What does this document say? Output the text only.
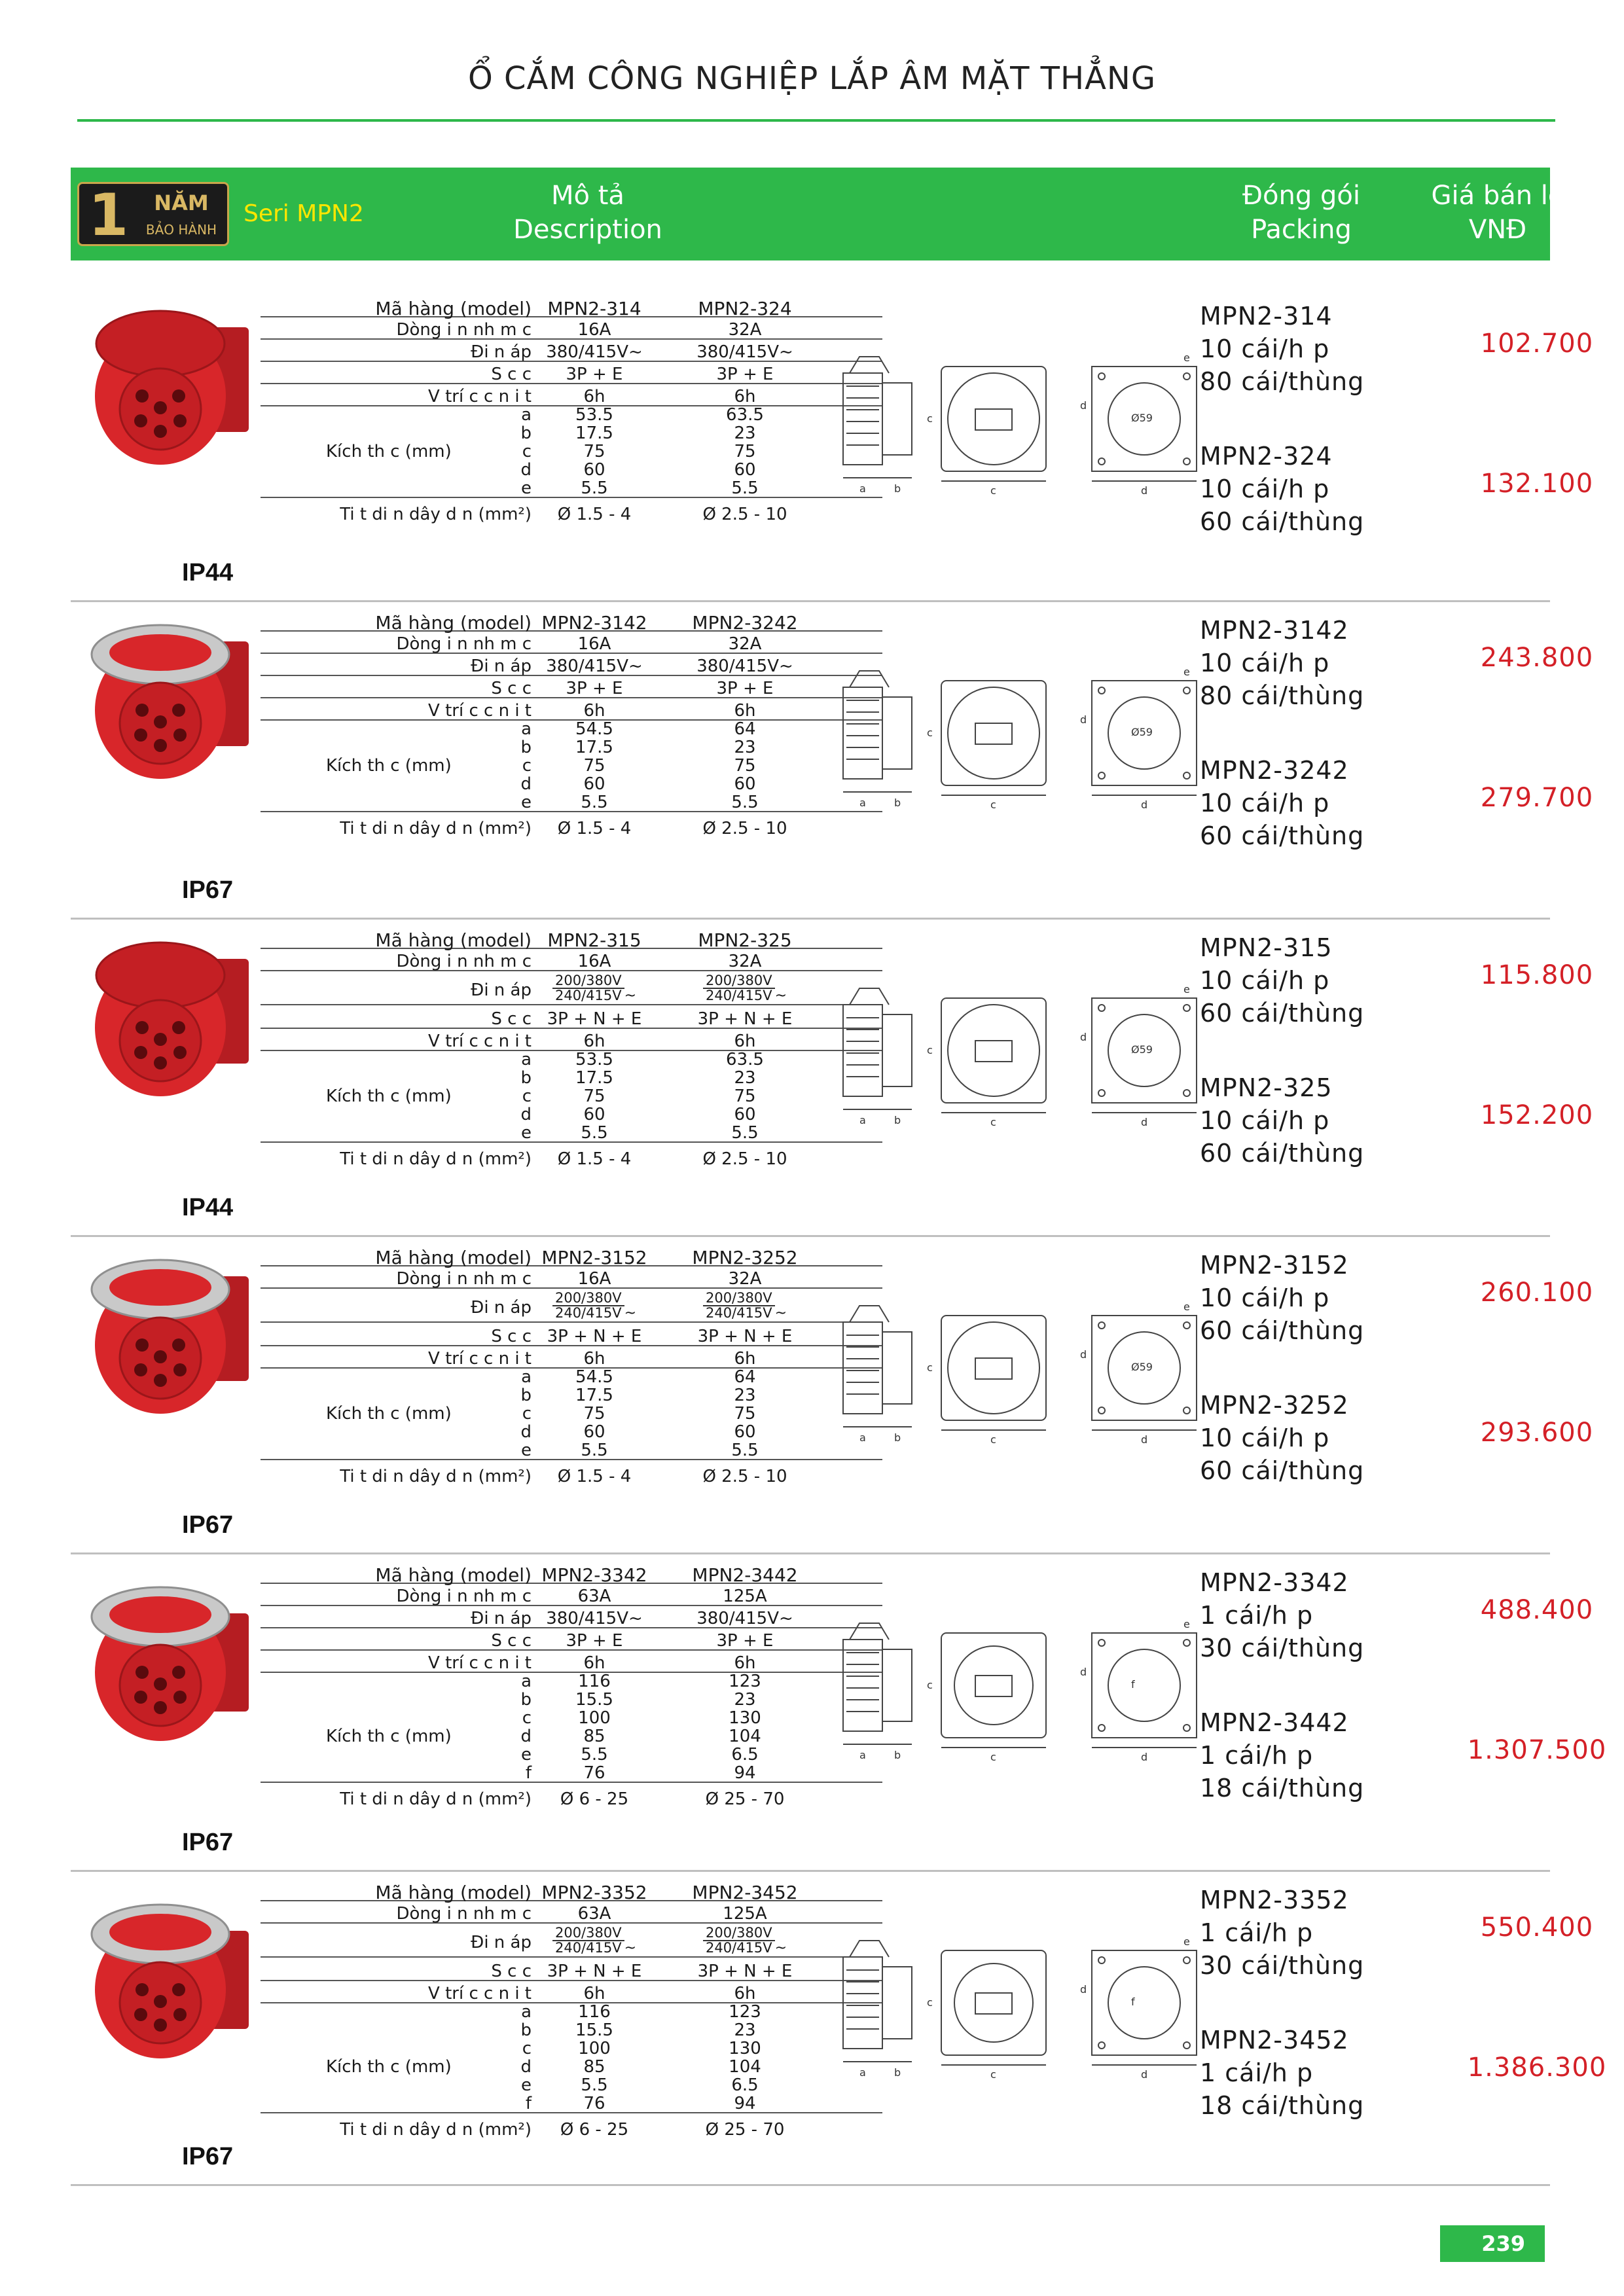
Ổ CẮM CÔNG NGHIỆP LẮP ÂM MẶT THẲNG
1	NĂM
BẢO HÀNH
Seri MPN2
Mô tả
Description
Đóng gói
Packing
Giá bán lẻ
VNĐ
IP44
Mã hàng (model) MPN2-314	MPN2-324
Dòng i n nh m c	16A	32A
Đi n áp 380/415V~	380/415V~
S c c	3P + E	3P + E
V trí c c n i t	6h	6h
a	53.5	63.5
b	17.5	23
c	75	75
d	60	60
e	5.5	5.5
Kích th c (mm)
Ti t di n dây d n (mm²)	Ø 1.5 - 4	Ø 2.5 - 10
a	b
c
c
d
d
e
Ø59
MPN2-314
10 cái/h p
80 cái/thùng
102.700
MPN2-324
10 cái/h p
60 cái/thùng
132.100
IP67
Mã hàng (model) MPN2-3142	MPN2-3242
Dòng i n nh m c	16A	32A
Đi n áp 380/415V~	380/415V~
S c c	3P + E	3P + E
V trí c c n i t	6h	6h
a	54.5	64
b	17.5	23
c	75	75
d	60	60
e	5.5	5.5
Kích th c (mm)
Ti t di n dây d n (mm²)	Ø 1.5 - 4	Ø 2.5 - 10
a	b
c
c
d
d
e
Ø59
MPN2-3142
10 cái/h p
80 cái/thùng
243.800
MPN2-3242
10 cái/h p
60 cái/thùng
279.700
IP44
Mã hàng (model) MPN2-315	MPN2-325
Dòng i n nh m c	16A	32A
Đi n áp $\frac{200/380V}{240/415V}$ ~	$\frac{200/380V}{240/415V}$ ~
S c c 3P + N + E	3P + N + E
V trí c c n i t	6h	6h
a	53.5	63.5
b	17.5	23
c	75	75
d	60	60
e	5.5	5.5
Kích th c (mm)
Ti t di n dây d n (mm²)	Ø 1.5 - 4	Ø 2.5 - 10
a	b
c
c
d
d
e
Ø59
MPN2-315
10 cái/h p
60 cái/thùng
115.800
MPN2-325
10 cái/h p
60 cái/thùng
152.200
IP67
Mã hàng (model) MPN2-3152	MPN2-3252
Dòng i n nh m c	16A	32A
Đi n áp $\frac{200/380V}{240/415V}$ ~	$\frac{200/380V}{240/415V}$ ~
S c c 3P + N + E	3P + N + E
V trí c c n i t	6h	6h
a	54.5	64
b	17.5	23
c	75	75
d	60	60
e	5.5	5.5
Kích th c (mm)
Ti t di n dây d n (mm²)	Ø 1.5 - 4	Ø 2.5 - 10
a	b
c
c
d
d
e
Ø59
MPN2-3152
10 cái/h p
60 cái/thùng
260.100
MPN2-3252
10 cái/h p
60 cái/thùng
293.600
IP67
Mã hàng (model) MPN2-3342	MPN2-3442
Dòng i n nh m c	63A	125A
Đi n áp 380/415V~	380/415V~
S c c	3P + E	3P + E
V trí c c n i t	6h	6h
a	116	123
b	15.5	23
c	100	130
d	85	104
e	5.5	6.5
f	76	94
Kích th c (mm)
Ti t di n dây d n (mm²)	Ø 6 - 25	Ø 25 - 70
a	b
c
c
d
d
e
f
MPN2-3342
1 cái/h p
30 cái/thùng
488.400
MPN2-3442
1 cái/h p
18 cái/thùng
1.307.500
IP67
Mã hàng (model) MPN2-3352	MPN2-3452
Dòng i n nh m c	63A	125A
Đi n áp $\frac{200/380V}{240/415V}$ ~	$\frac{200/380V}{240/415V}$ ~
S c c 3P + N + E	3P + N + E
V trí c c n i t	6h	6h
a	116	123
b	15.5	23
c	100	130
d	85	104
e	5.5	6.5
f	76	94
Kích th c (mm)
Ti t di n dây d n (mm²)	Ø 6 - 25	Ø 25 - 70
a	b
c
c
d
d
e
f
MPN2-3352
1 cái/h p
30 cái/thùng
550.400
MPN2-3452
1 cái/h p
18 cái/thùng
1.386.300
239
